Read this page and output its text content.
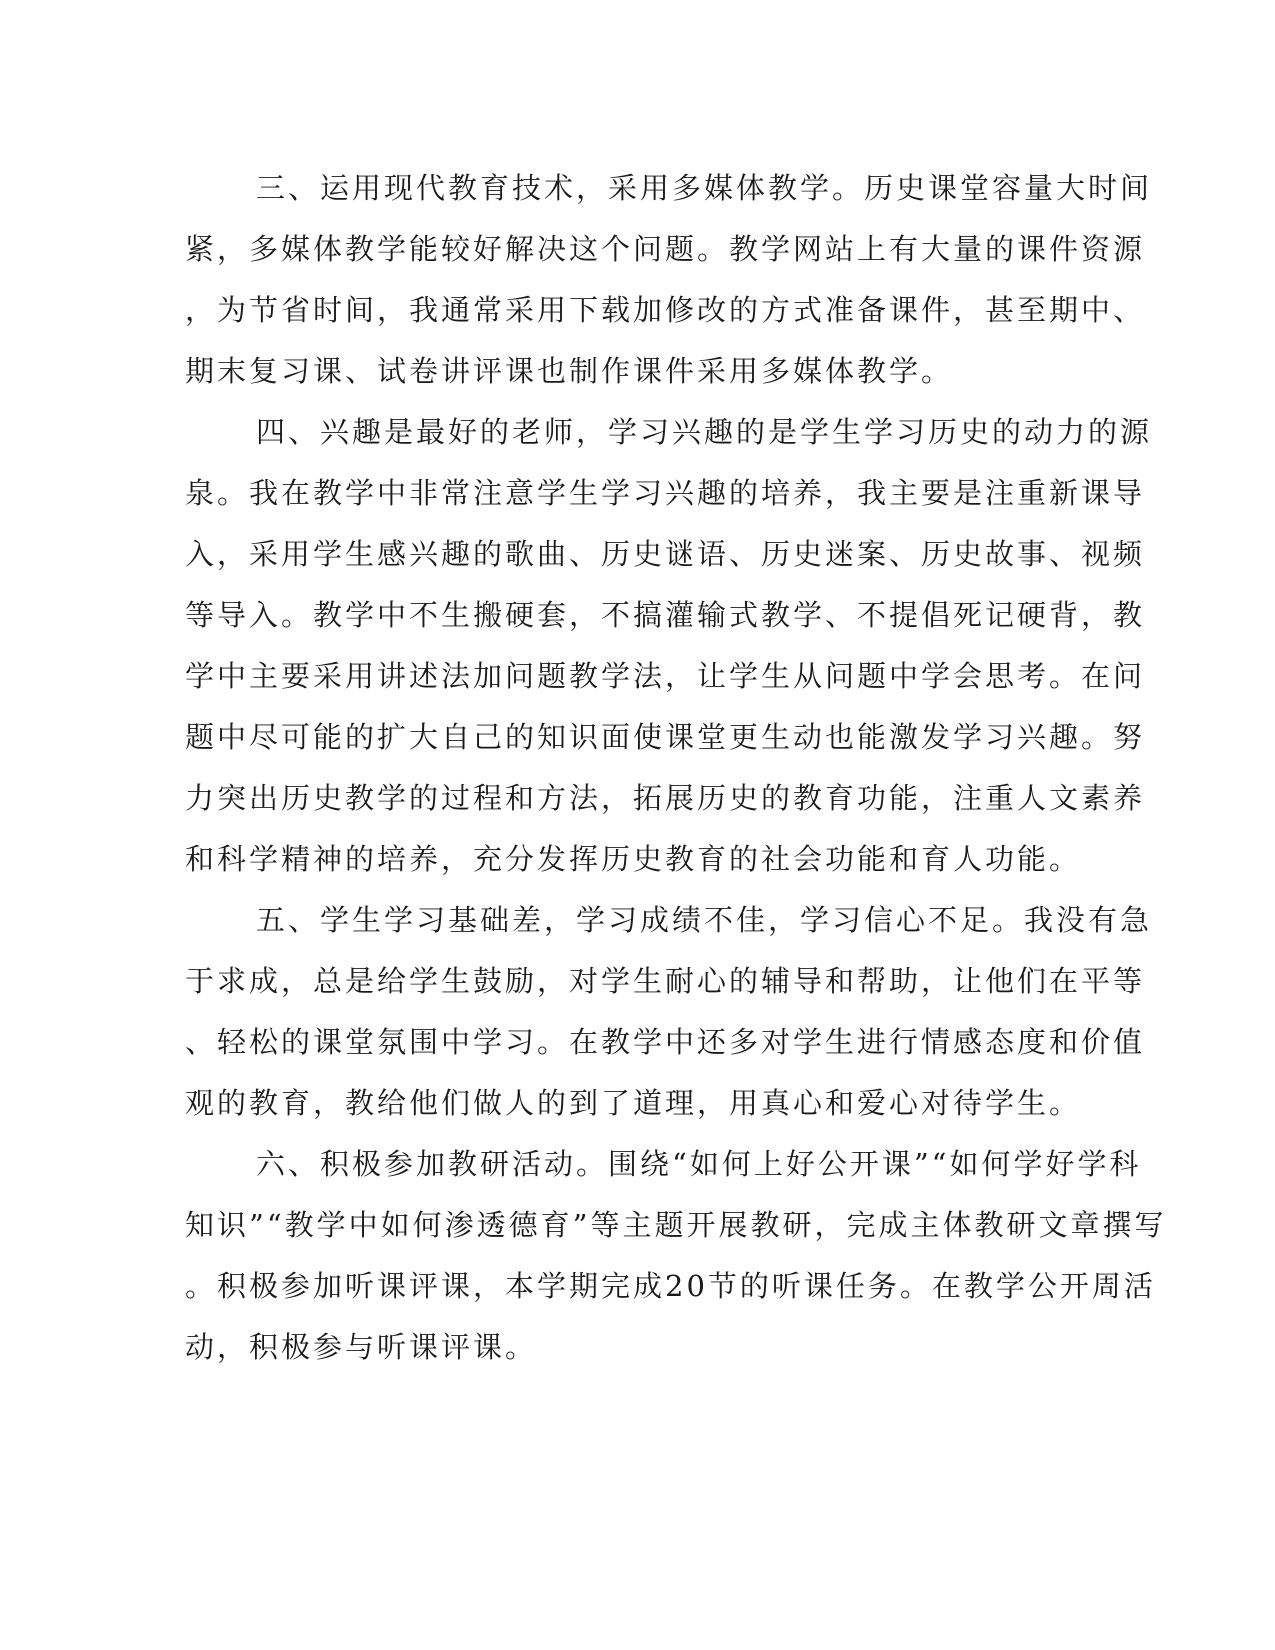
三、运用现代教育技术，采用多媒体教学。历史课堂容量大时间
紧，多媒体教学能较好解决这个问题。教学网站上有大量的课件资源
，为节省时间，我通常采用下载加修改的方式准备课件，甚至期中、
期末复习课、试卷讲评课也制作课件采用多媒体教学。
四、兴趣是最好的老师，学习兴趣的是学生学习历史的动力的源
泉。我在教学中非常注意学生学习兴趣的培养，我主要是注重新课导
入，采用学生感兴趣的歌曲、历史谜语、历史迷案、历史故事、视频
等导入。教学中不生搬硬套，不搞灌输式教学、不提倡死记硬背，教
学中主要采用讲述法加问题教学法，让学生从问题中学会思考。在问
题中尽可能的扩大自己的知识面使课堂更生动也能激发学习兴趣。努
力突出历史教学的过程和方法，拓展历史的教育功能，注重人文素养
和科学精神的培养，充分发挥历史教育的社会功能和育人功能。
五、学生学习基础差，学习成绩不佳，学习信心不足。我没有急
于求成，总是给学生鼓励，对学生耐心的辅导和帮助，让他们在平等
、轻松的课堂氛围中学习。在教学中还多对学生进行情感态度和价值
观的教育，教给他们做人的到了道理，用真心和爱心对待学生。
六、积极参加教研活动。围绕“如何上好公开课”“如何学好学科
知识”“教学中如何渗透德育”等主题开展教研，完成主体教研文章撰写
。积极参加听课评课，本学期完成20节的听课任务。在教学公开周活
动，积极参与听课评课。
